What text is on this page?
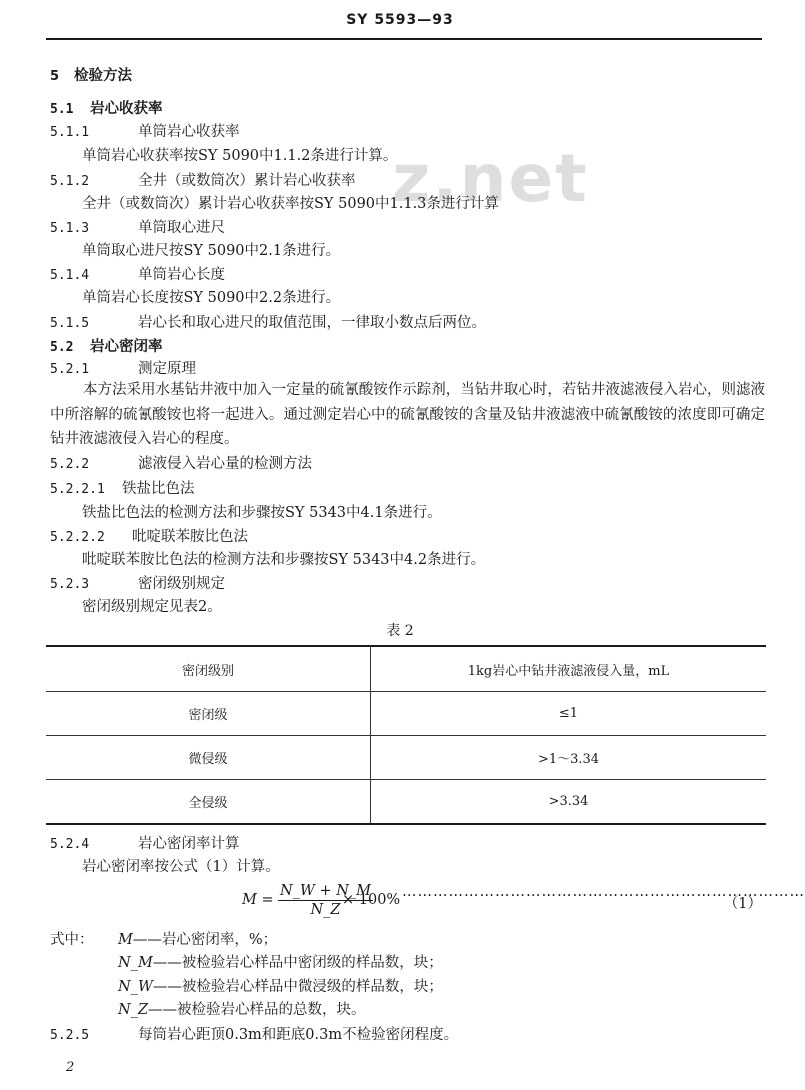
SY 5593—93
z.net
5 检验方法
5.1 岩心收获率
5.1.1	单筒岩心收获率
单筒岩心收获率按SY 5090中1.1.2条进行计算。
5.1.2	全井（或数筒次）累计岩心收获率
全井（或数筒次）累计岩心收获率按SY 5090中1.1.3条进行计算
5.1.3	单筒取心进尺
单筒取心进尺按SY 5090中2.1条进行。
5.1.4	单筒岩心长度
单筒岩心长度按SY 5090中2.2条进行。
5.1.5	岩心长和取心进尺的取值范围，一律取小数点后两位。
5.2 岩心密闭率
5.2.1	测定原理
本方法采用水基钻井液中加入一定量的硫氰酸铵作示踪剂，当钻井取心时，若钻井液滤液侵入岩心，则滤液中所溶解的硫氰酸铵也将一起进入。通过测定岩心中的硫氰酸铵的含量及钻井液滤液中硫氰酸铵的浓度即可确定钻井液滤液侵入岩心的程度。
5.2.2	滤液侵入岩心量的检测方法
5.2.2.1 铁盐比色法
铁盐比色法的检测方法和步骤按SY 5343中4.1条进行。
5.2.2.2 吡啶联苯胺比色法
吡啶联苯胺比色法的检测方法和步骤按SY 5343中4.2条进行。
5.2.3	密闭级别规定
密闭级别规定见表2。
表 2
密闭级别	1kg岩心中钻井液滤液侵入量，mL
密闭级	≤1
微侵级	>1～3.34
全侵级	>3.34
5.2.4	岩心密闭率计算
岩心密闭率按公式（1）计算。
$M = \frac{N\_W + N\_M}{N\_Z}$
× 100% ……………………………………………………………………
（1）
式中： M——岩心密闭率，%；
N_M——被检验岩心样品中密闭级的样品数，块；
N_W——被检验岩心样品中微浸级的样品数，块；
N_Z——被检验岩心样品的总数，块。
5.2.5	每筒岩心距顶0.3m和距底0.3m不检验密闭程度。
2
